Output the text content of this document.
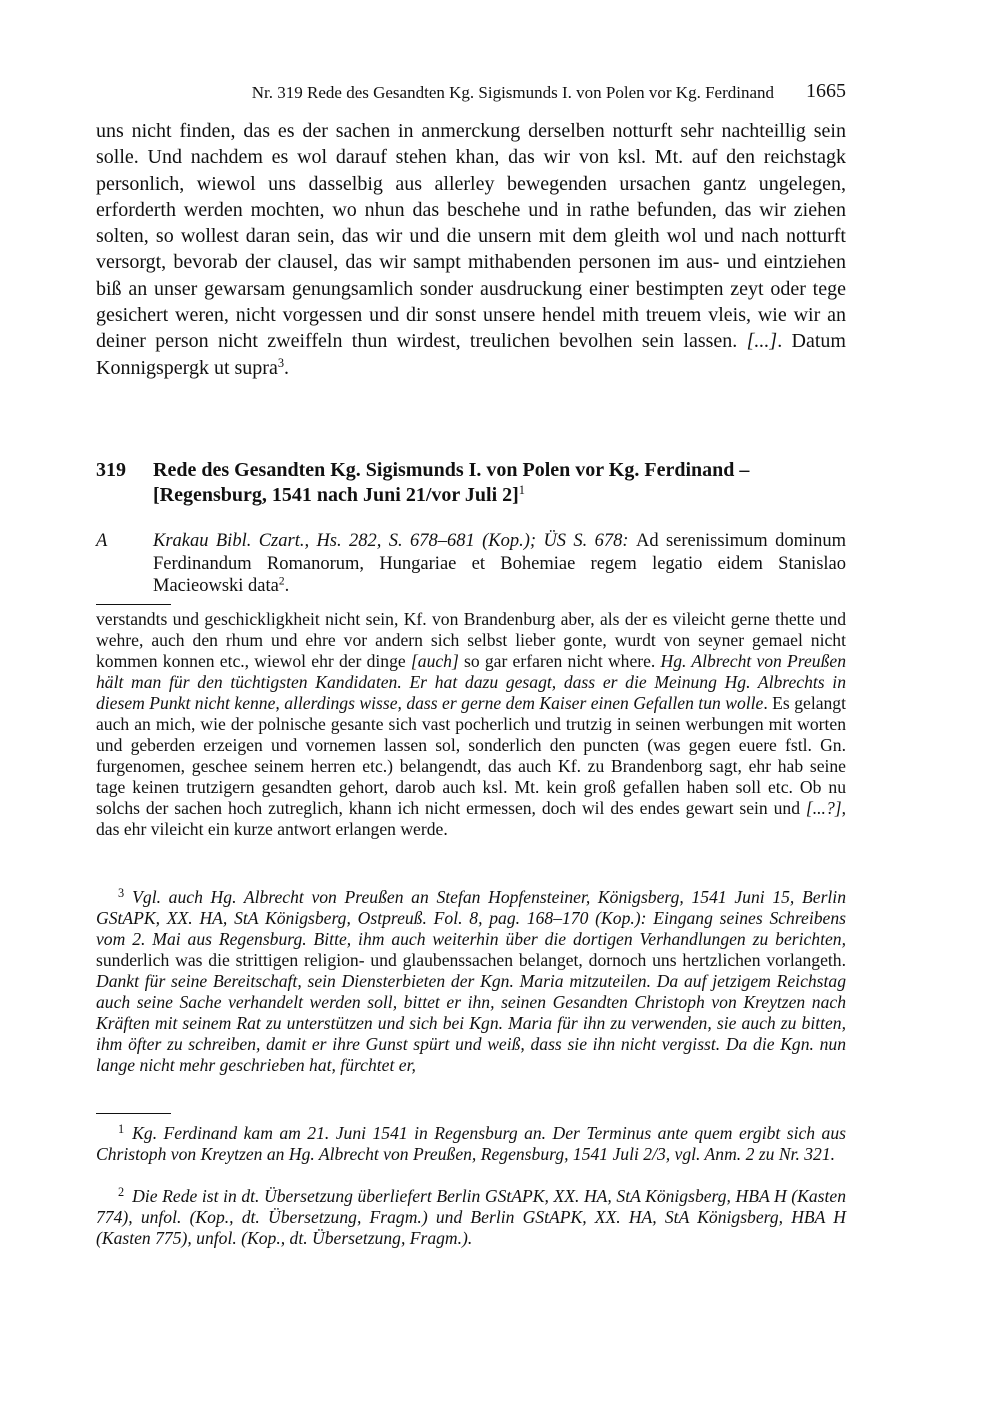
Nr. 319 Rede des Gesandten Kg. Sigismunds I. von Polen vor Kg. Ferdinand 1665
uns nicht finden, das es der sachen in anmerckung derselben notturft sehr nachteillig sein solle. Und nachdem es wol darauf stehen khan, das wir von ksl. Mt. auf den reichstagk personlich, wiewol uns dasselbig aus allerley bewegenden ursachen gantz ungelegen, erforderth werden mochten, wo nhun das beschehe und in rathe befunden, das wir ziehen solten, so wollest daran sein, das wir und die unsern mit dem gleith wol und nach notturft versorgt, bevorab der clausel, das wir sampt mithabenden personen im aus- und eintziehen biß an unser gewarsam genungsamlich sonder ausdruckung einer bestimpten zeyt oder tege gesichert weren, nicht vorgessen und dir sonst unsere hendel mith treuem vleis, wie wir an deiner person nicht zweiffeln thun wirdest, treulichen bevolhen sein lassen. [...]. Datum Konnigspergk ut supra$^3$.
319 Rede des Gesandten Kg. Sigismunds I. von Polen vor Kg. Ferdinand –
[Regensburg, 1541 nach Juni 21/vor Juli 2]$^1$
A Krakau Bibl. Czart., Hs. 282, S. 678–681 (Kop.); ÜS S. 678: Ad serenissimum dominum Ferdinandum Romanorum, Hungariae et Bohemiae regem legatio eidem Stanislao Macieowski data$^2$.
verstandts und geschickligkheit nicht sein, Kf. von Brandenburg aber, als der es vileicht gerne thette und wehre, auch den rhum und ehre vor andern sich selbst lieber gonte, wurdt von seyner gemael nicht kommen konnen etc., wiewol ehr der dinge [auch] so gar erfaren nicht where. Hg. Albrecht von Preußen hält man für den tüchtigsten Kandidaten. Er hat dazu gesagt, dass er die Meinung Hg. Albrechts in diesem Punkt nicht kenne, allerdings wisse, dass er gerne dem Kaiser einen Gefallen tun wolle. Es gelangt auch an mich, wie der polnische gesante sich vast pocherlich und trutzig in seinen werbungen mit worten und geberden erzeigen und vornemen lassen sol, sonderlich den puncten (was gegen euere fstl. Gn. furgenomen, geschee seinem herren etc.) belangendt, das auch Kf. zu Brandenborg sagt, ehr hab seine tage keinen trutzigern gesandten gehort, darob auch ksl. Mt. kein groß gefallen haben soll etc. Ob nu solchs der sachen hoch zutreglich, khann ich nicht ermessen, doch wil des endes gewart sein und [...?], das ehr vileicht ein kurze antwort erlangen werde.
$^3$ Vgl. auch Hg. Albrecht von Preußen an Stefan Hopfensteiner, Königsberg, 1541 Juni 15, Berlin GStAPK, XX. HA, StA Königsberg, Ostpreuß. Fol. 8, pag. 168–170 (Kop.): Eingang seines Schreibens vom 2. Mai aus Regensburg. Bitte, ihm auch weiterhin über die dortigen Verhandlungen zu berichten, sunderlich was die strittigen religion- und glaubenssachen belanget, dornoch uns hertzlichen vorlangeth. Dankt für seine Bereitschaft, sein Diensterbieten der Kgn. Maria mitzuteilen. Da auf jetzigem Reichstag auch seine Sache verhandelt werden soll, bittet er ihn, seinen Gesandten Christoph von Kreytzen nach Kräften mit seinem Rat zu unterstützen und sich bei Kgn. Maria für ihn zu verwenden, sie auch zu bitten, ihm öfter zu schreiben, damit er ihre Gunst spürt und weiß, dass sie ihn nicht vergisst. Da die Kgn. nun lange nicht mehr geschrieben hat, fürchtet er,
$^1$ Kg. Ferdinand kam am 21. Juni 1541 in Regensburg an. Der Terminus ante quem ergibt sich aus Christoph von Kreytzen an Hg. Albrecht von Preußen, Regensburg, 1541 Juli 2/3, vgl. Anm. 2 zu Nr. 321.
$^2$ Die Rede ist in dt. Übersetzung überliefert Berlin GStAPK, XX. HA, StA Königsberg, HBA H (Kasten 774), unfol. (Kop., dt. Übersetzung, Fragm.) und Berlin GStAPK, XX. HA, StA Königsberg, HBA H (Kasten 775), unfol. (Kop., dt. Übersetzung, Fragm.).
